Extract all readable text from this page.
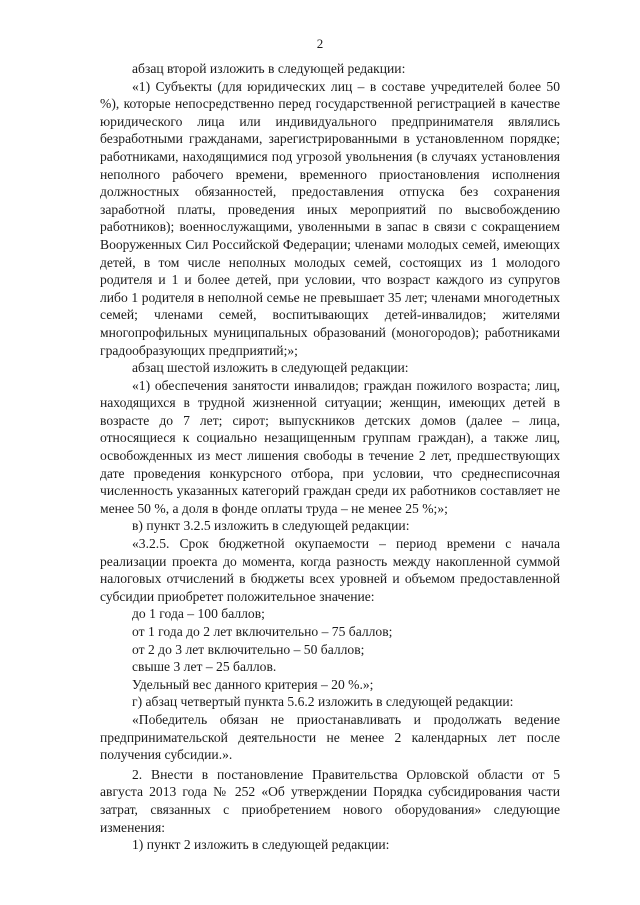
2

абзац второй изложить в следующей редакции:

«1) Субъекты (для юридических лиц – в составе учредителей более 50 %), которые непосредственно перед государственной регистрацией в качестве юридического лица или индивидуального предпринимателя являлись безработными гражданами, зарегистрированными в установленном порядке; работниками, находящимися под угрозой увольнения (в случаях установления неполного рабочего времени, временного приостановления исполнения должностных обязанностей, предоставления отпуска без сохранения заработной платы, проведения иных мероприятий по высвобождению работников); военнослужащими, уволенными в запас в связи с сокращением Вооруженных Сил Российской Федерации; членами молодых семей, имеющих детей, в том числе неполных молодых семей, состоящих из 1 молодого родителя и 1 и более детей, при условии, что возраст каждого из супругов либо 1 родителя в неполной семье не превышает 35 лет; членами многодетных семей; членами семей, воспитывающих детей-инвалидов; жителями многопрофильных муниципальных образований (моногородов); работниками градообразующих предприятий;»;

абзац шестой изложить в следующей редакции:

«1) обеспечения занятости инвалидов; граждан пожилого возраста; лиц, находящихся в трудной жизненной ситуации; женщин, имеющих детей в возрасте до 7 лет; сирот; выпускников детских домов (далее – лица, относящиеся к социально незащищенным группам граждан), а также лиц, освобожденных из мест лишения свободы в течение 2 лет, предшествующих дате проведения конкурсного отбора, при условии, что среднесписочная численность указанных категорий граждан среди их работников составляет не менее 50 %, а доля в фонде оплаты труда – не менее 25 %;»;

в) пункт 3.2.5 изложить в следующей редакции:

«3.2.5. Срок бюджетной окупаемости – период времени с начала реализации проекта до момента, когда разность между накопленной суммой налоговых отчислений в бюджеты всех уровней и объемом предоставленной субсидии приобретет положительное значение:

до 1 года – 100 баллов;

от 1 года до 2 лет включительно – 75 баллов;

от 2 до 3 лет включительно – 50 баллов;

свыше 3 лет – 25 баллов.

Удельный вес данного критерия – 20 %.»;

г) абзац четвертый пункта 5.6.2 изложить в следующей редакции:

«Победитель обязан не приостанавливать и продолжать ведение предпринимательской деятельности не менее 2 календарных лет после получения субсидии.».

2. Внести в постановление Правительства Орловской области от 5 августа 2013 года № 252 «Об утверждении Порядка субсидирования части затрат, связанных с приобретением нового оборудования» следующие изменения:

1) пункт 2 изложить в следующей редакции:
